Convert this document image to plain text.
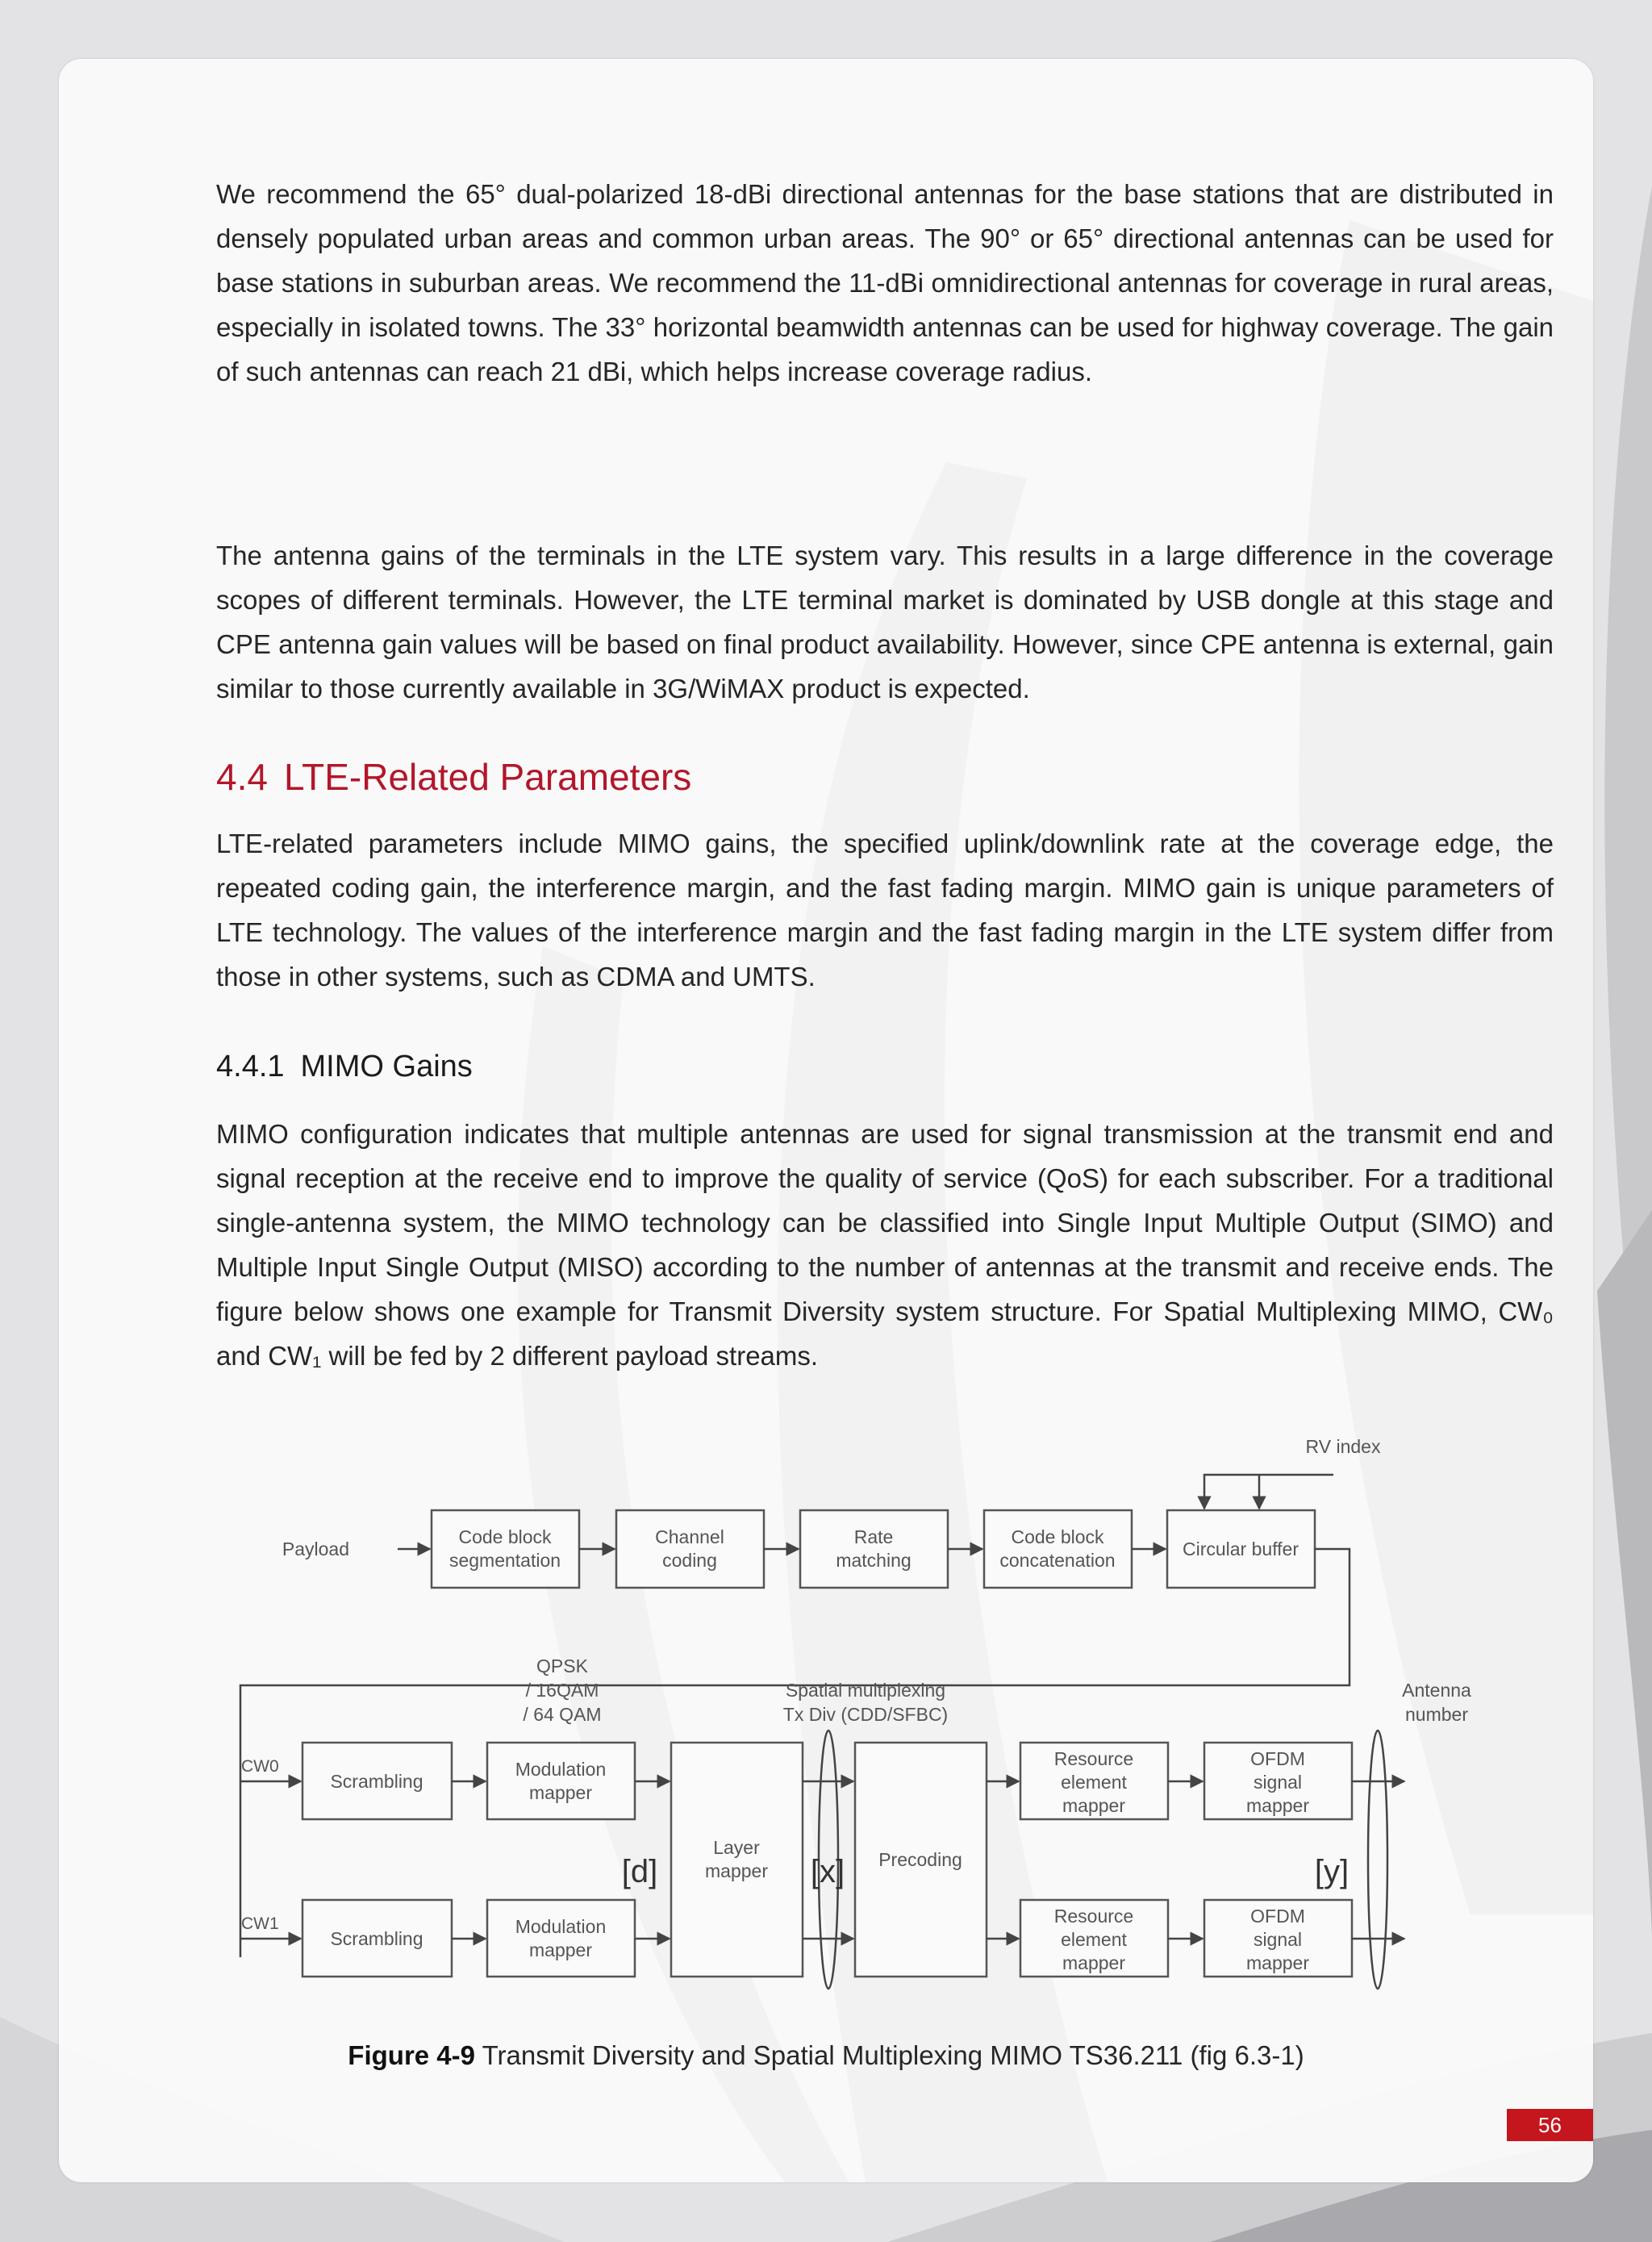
We recommend the 65° dual-polarized 18-dBi directional antennas for the base stations that are distributed in densely populated urban areas and common urban areas. The 90° or 65° directional antennas can be used for base stations in suburban areas. We recommend the 11-dBi omnidirectional antennas for coverage in rural areas, especially in isolated towns. The 33° horizontal beamwidth antennas can be used for highway coverage. The gain of such antennas can reach 21 dBi, which helps increase coverage radius.

The antenna gains of the terminals in the LTE system vary. This results in a large difference in the coverage scopes of different terminals. However, the LTE terminal market is dominated by USB dongle at this stage and CPE antenna gain values will be based on final product availability. However, since CPE antenna is external, gain similar to those currently available in 3G/WiMAX product is expected.

4.4 LTE-Related Parameters

LTE-related parameters include MIMO gains, the specified uplink/downlink rate at the coverage edge, the repeated coding gain, the interference margin, and the fast fading margin. MIMO gain is unique parameters of LTE technology. The values of the interference margin and the fast fading margin in the LTE system differ from those in other systems, such as CDMA and UMTS.

4.4.1 MIMO Gains

MIMO configuration indicates that multiple antennas are used for signal transmission at the transmit end and signal reception at the receive end to improve the quality of service (QoS) for each subscriber. For a traditional single-antenna system, the MIMO technology can be classified into Single Input Multiple Output (SIMO) and Multiple Input Single Output (MISO) according to the number of antennas at the transmit and receive ends. The figure below shows one example for Transmit Diversity system structure. For Spatial Multiplexing MIMO, CW₀ and CW₁ will be fed by 2 different payload streams.

RV index
Payload
Code block
segmentation
Channel
coding
Rate
matching
Code block
concatenation
Circular buffer
QPSK
/ 16QAM
/ 64 QAM
Spatial multiplexing
Tx Div (CDD/SFBC)
Antenna
number
CW0
CW1
Scrambling
Scrambling
Modulation
mapper
Modulation
mapper
Layer
mapper
Precoding
Resource
element
mapper
Resource
element
mapper
OFDM
signal
mapper
OFDM
signal
mapper
[d]	[x]	[y]
Figure 4-9 Transmit Diversity and Spatial Multiplexing MIMO TS36.211 (fig 6.3-1)
56
